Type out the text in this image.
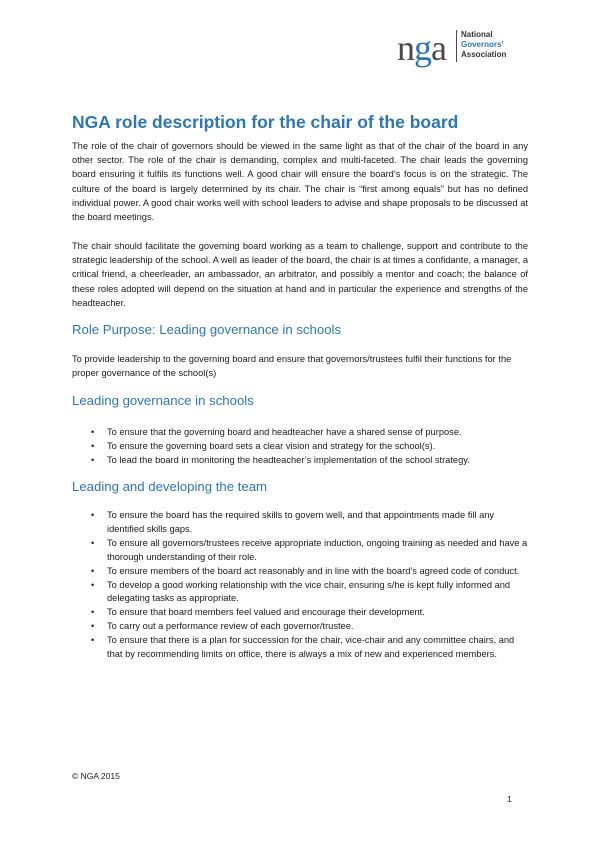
nga National
Governors'
Association
NGA role description for the chair of the board

The role of the chair of governors should be viewed in the same light as that of the chair of the board in any other sector. The role of the chair is demanding, complex and multi-faceted. The chair leads the governing board ensuring it fulfils its functions well. A good chair will ensure the board’s focus is on the strategic. The culture of the board is largely determined by its chair. The chair is “first among equals” but has no defined individual power. A good chair works well with school leaders to advise and shape proposals to be discussed at the board meetings.

The chair should facilitate the governing board working as a team to challenge, support and contribute to the strategic leadership of the school. A well as leader of the board, the chair is at times a confidante, a manager, a critical friend, a cheerleader, an ambassador, an arbitrator, and possibly a mentor and coach; the balance of these roles adopted will depend on the situation at hand and in particular the experience and strengths of the headteacher.

Role Purpose: Leading governance in schools

To provide leadership to the governing board and ensure that governors/trustees fulfil their functions for the proper governance of the school(s)

Leading governance in schools
• To ensure that the governing board and headteacher have a shared sense of purpose.
• To ensure the governing board sets a clear vision and strategy for the school(s).
• To lead the board in monitoring the headteacher’s implementation of the school strategy.
Leading and developing the team
• To ensure the board has the required skills to govern well, and that appointments made fill any identified skills gaps.
• To ensure all governors/trustees receive appropriate induction, ongoing training as needed and have a thorough understanding of their role.
• To ensure members of the board act reasonably and in line with the board’s agreed code of conduct.
• To develop a good working relationship with the vice chair, ensuring s/he is kept fully informed and delegating tasks as appropriate.
• To ensure that board members feel valued and encourage their development.
• To carry out a performance review of each governor/trustee.
• To ensure that there is a plan for succession for the chair, vice-chair and any committee chairs, and that by recommending limits on office, there is always a mix of new and experienced members.

© NGA 2015

1
